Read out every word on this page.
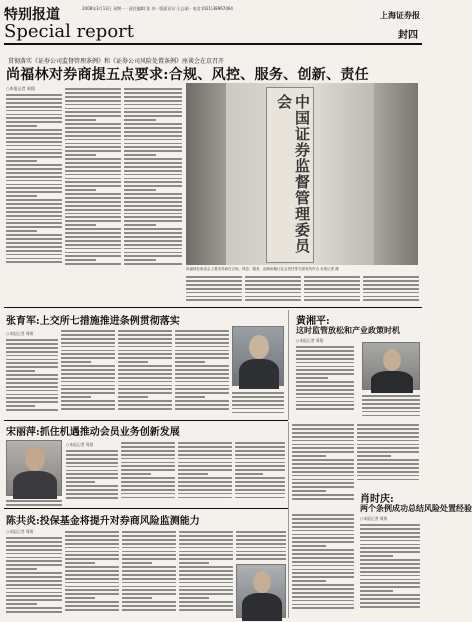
特别报道	2008年3月13日 星期一 · 责任编辑:张 冲 · 版面设计:王志刚 · 电话:(021)38967064
Special report
上海证券报
封四
贯彻落实《证券公司监督管理条例》和《证券公司风险处置条例》座谈会在京召开
尚福林对券商提五点要求:合规、风控、服务、创新、责任
○本报记者 周翔
中国证券监督管理委员会
尚福林在座谈会上要求券商在合规、风控、服务、创新和履行社会责任等方面有所作为 本报记者 摄
张育军:上交所七措施推进条例贯彻落实
○本报记者 周翔
黄湘平:
这时监管放松和产业政策时机
○本报记者 周翔
宋丽萍:抓住机遇推动会员业务创新发展
○本报记者 周翔
陈共炎:投保基金将提升对券商风险监测能力
○本报记者 周翔
肖时庆:
两个条例成功总结风险处置经验
○本报记者 周翔
